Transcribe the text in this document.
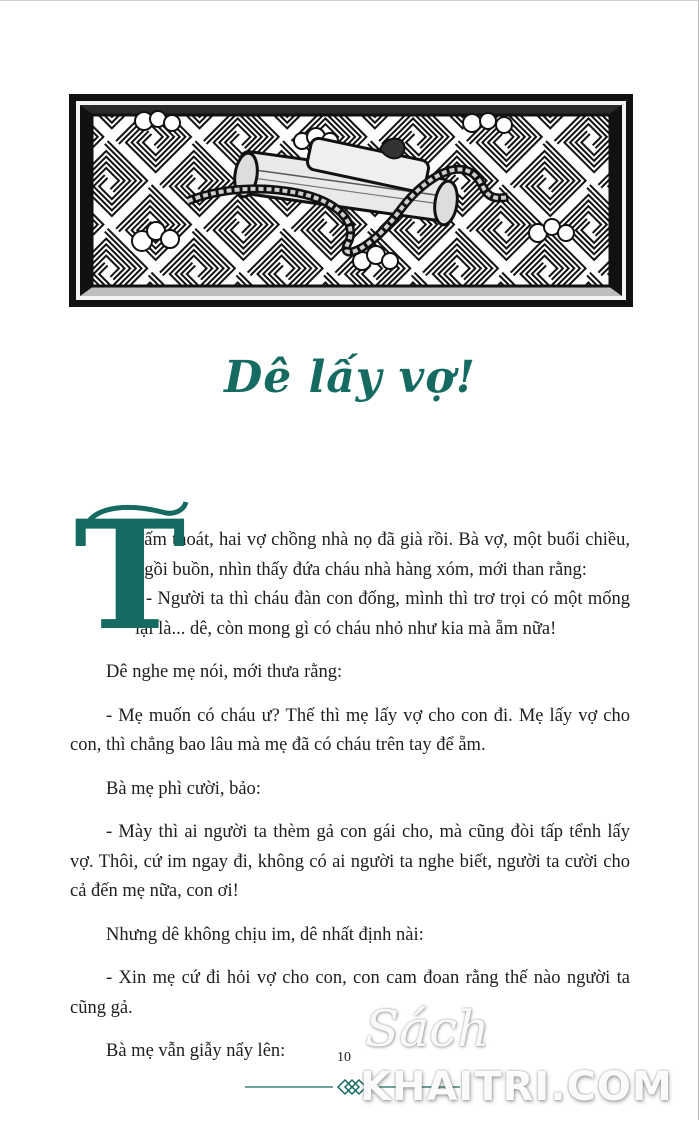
Dê lấy vợ!
T

hấm thoát, hai vợ chồng nhà nọ đã già rồi. Bà vợ, một buổi chiều, ngồi buồn, nhìn thấy đứa cháu nhà hàng xóm, mới than rằng:

- Người ta thì cháu đàn con đống, mình thì trơ trọi có một mống lại là... dê, còn mong gì có cháu nhỏ như kia mà ẵm nữa!

Dê nghe mẹ nói, mới thưa rằng:

- Mẹ muốn có cháu ư? Thế thì mẹ lấy vợ cho con đi. Mẹ lấy vợ cho con, thì chẳng bao lâu mà mẹ đã có cháu trên tay để ẵm.

Bà mẹ phì cười, bảo:

- Mày thì ai người ta thèm gả con gái cho, mà cũng đòi tấp tểnh lấy vợ. Thôi, cứ im ngay đi, không có ai người ta nghe biết, người ta cười cho cả đến mẹ nữa, con ơi!

Nhưng dê không chịu im, dê nhất định nài:

- Xin mẹ cứ đi hỏi vợ cho con, con cam đoan rằng thế nào người ta cũng gả.

Bà mẹ vẫn giẫy nẩy lên:	10 Sách
KHAITRI.COM
